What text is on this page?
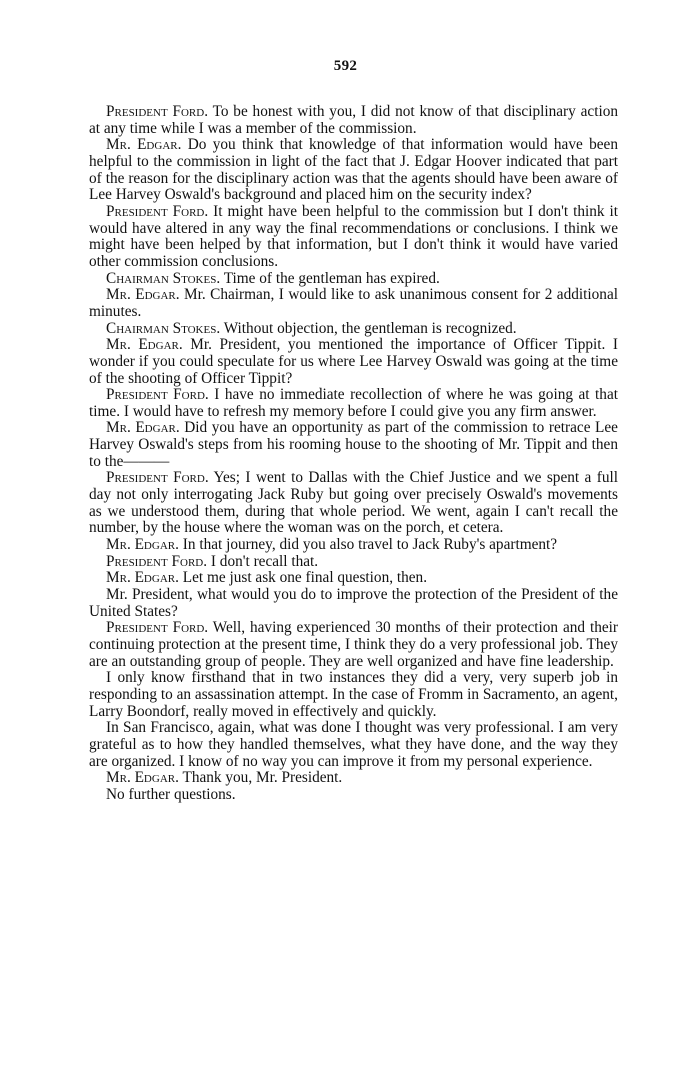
592

President Ford. To be honest with you, I did not know of that disciplinary action at any time while I was a member of the commission.

Mr. Edgar. Do you think that knowledge of that information would have been helpful to the commission in light of the fact that J. Edgar Hoover indicated that part of the reason for the disciplinary action was that the agents should have been aware of Lee Harvey Oswald's background and placed him on the security index?

President Ford. It might have been helpful to the commission but I don't think it would have altered in any way the final recommendations or conclusions. I think we might have been helped by that information, but I don't think it would have varied other commission conclusions.

Chairman Stokes. Time of the gentleman has expired.

Mr. Edgar. Mr. Chairman, I would like to ask unanimous consent for 2 additional minutes.

Chairman Stokes. Without objection, the gentleman is recognized.

Mr. Edgar. Mr. President, you mentioned the importance of Officer Tippit. I wonder if you could speculate for us where Lee Harvey Oswald was going at the time of the shooting of Officer Tippit?

President Ford. I have no immediate recollection of where he was going at that time. I would have to refresh my memory before I could give you any firm answer.

Mr. Edgar. Did you have an opportunity as part of the commission to retrace Lee Harvey Oswald's steps from his rooming house to the shooting of Mr. Tippit and then to the———

President Ford. Yes; I went to Dallas with the Chief Justice and we spent a full day not only interrogating Jack Ruby but going over precisely Oswald's movements as we understood them, during that whole period. We went, again I can't recall the number, by the house where the woman was on the porch, et cetera.

Mr. Edgar. In that journey, did you also travel to Jack Ruby's apartment?

President Ford. I don't recall that.

Mr. Edgar. Let me just ask one final question, then.

Mr. President, what would you do to improve the protection of the President of the United States?

President Ford. Well, having experienced 30 months of their protection and their continuing protection at the present time, I think they do a very professional job. They are an outstanding group of people. They are well organized and have fine leadership.

I only know firsthand that in two instances they did a very, very superb job in responding to an assassination attempt. In the case of Fromm in Sacramento, an agent, Larry Boondorf, really moved in effectively and quickly.

In San Francisco, again, what was done I thought was very professional. I am very grateful as to how they handled themselves, what they have done, and the way they are organized. I know of no way you can improve it from my personal experience.

Mr. Edgar. Thank you, Mr. President.

No further questions.
